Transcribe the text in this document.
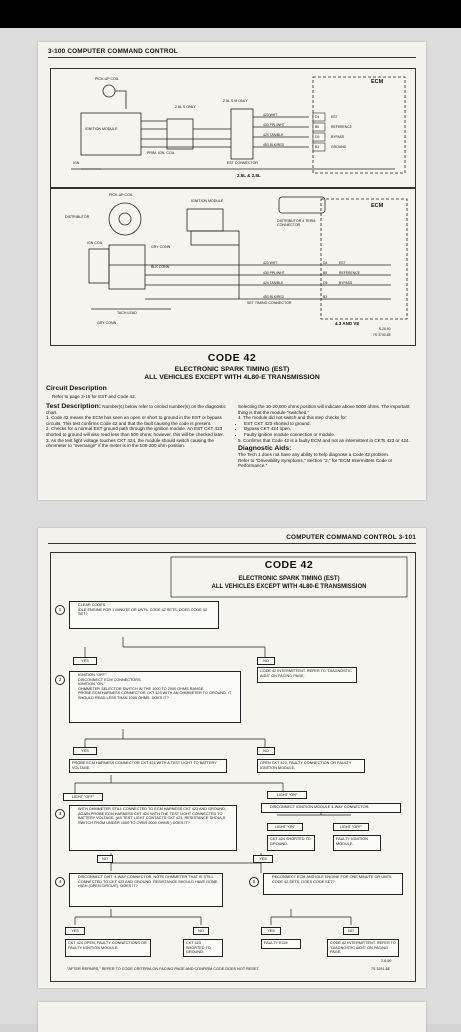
3-100 COMPUTER COMMAND CONTROL
ECM
PICK-UP COIL
IGNITION MODULE
2.5L S.M ONLY
2.8L S ONLY
PRIM. IGN. COIL
IGN	EST CONNECTOR
2.5L & 2.8L
423 WHT
430 PPL/WHT
424 TAN/BLK
453 BLK/RED
D4
B5
D5
B3
EST
REFERENCE
BYPASS
GROUND
ECM
PICK-UP COIL
DISTRIBUTOR
IGNITION MODULE
IGN COIL
GRY CONN
BLK CONN
DISTRIBUTOR 4 TERM. CONNECTOR
SET TIMING CONNECTOR
TACH LEAD
GRY CONN	4.3 AND V8
5-26-90
7S 3700-6E
423 WHT
430 PPL/WHT
424 TAN/BLK
453 BLK/RED
D4
B5
D5
B3
EST
REFERENCE
BYPASS
CODE 42
ELECTRONIC SPARK TIMING (EST)
ALL VEHICLES EXCEPT WITH 4L80-E TRANSMISSION
Circuit Description
Refer to page 3-15 for EST and Code 42.
Test Description: Number(s) below refer to circled number(s) on the diagnostic chart.
1. Code 42 means the ECM has seen an open or short to ground in the EST or bypass circuits. This test confirms Code 42 and that the fault causing the code is present.
2. Checks for a normal EST ground path through the ignition module. An EST CKT 423 shorted to ground will also read less than 500 ohms; however, this will be checked later.
3. As the test light voltage touches CKT 424, the module should switch causing the ohmmeter to "overrange" if the meter is in the 100-200 ohm position.
Selecting the 10-20,000 ohms position will indicate above 5000 ohms. The important thing is that the module "switched."
4. The module did not switch and this step checks for:
• EST CKT 423 shorted to ground.
• Bypass CKT 424 open.
• Faulty ignition module connection or module.
5. Confirms that Code 42 is a faulty ECM and not an intermittent in CKTs 423 or 424.
Diagnostic Aids:
The Tech 1 does not have any ability to help diagnose a Code 42 problem.
Refer to "Driveability Symptoms," Section "2," for "ECM Intermittent Code or Performance."
COMPUTER COMMAND CONTROL 3-101
CODE 42
ELECTRONIC SPARK TIMING (EST)
ALL VEHICLES EXCEPT WITH 4L80-E TRANSMISSION
1
• CLEAR CODES.
• IDLE ENGINE FOR 1 MINUTE OR UNTIL CODE 42 SETS. DOES CODE 42 SET?
YES	NO
CODE 42 INTERMITTENT. REFER TO "DIAGNOSTIC AIDS" ON FACING PAGE.
2
• IGNITION "OFF."
• DISCONNECT ECM CONNECTORS.
• IGNITION "ON."
• OHMMETER SELECTOR SWITCH IN THE 1000 TO 2000 OHMS RANGE.
• PROBE ECM HARNESS CONNECTOR CKT 423 WITH AN OHMMETER TO GROUND. IT SHOULD READ LESS THAN 1000 OHMS. DOES IT?
YES	NO
PROBE ECM HARNESS CONNECTOR CKT 424 WITH A TEST LIGHT TO BATTERY VOLTAGE.
OPEN CKT 423, FAULTY CONNECTION OR FAULTY IGNITION MODULE.
LIGHT "OFF"	LIGHT "ON"
3
• WITH OHMMETER STILL CONNECTED TO ECM HARNESS CKT 423 AND GROUND, AGAIN PROBE ECM HARNESS CKT 424 WITH THE TEST LIGHT CONNECTED TO BATTERY VOLTAGE. (AS TEST LIGHT CONTACTS CKT 424, RESISTANCE SHOULD SWITCH FROM UNDER 1000 TO OVER 2000 OHMS.) DOES IT?
• DISCONNECT IGNITION MODULE 4-WAY CONNECTOR.
LIGHT "ON"	LIGHT "OFF"
CKT 424 SHORTED TO GROUND.
FAULTY IGNITION MODULE.
NO	YES
4
• DISCONNECT DIST. 4-WAY CONNECTOR. NOTE OHMMETER THAT IS STILL CONNECTED TO CKT 423 AND GROUND. RESISTANCE SHOULD HAVE GONE HIGH (OPEN CIRCUIT). DOES IT?
5
• RECONNECT ECM AND IDLE ENGINE FOR ONE MINUTE OR UNTIL CODE 42 SETS. DOES CODE SET?
YES	NO	YES	NO
CKT 424 OPEN, FAULTY CONNECTIONS OR FAULTY IGNITION MODULE.
CKT 423 SHORTED TO GROUND.
FAULTY ECM	CODE 42 INTERMITTENT. REFER TO "DIAGNOSTIC AIDS" ON FACING PAGE.
2-6-90
"AFTER REPAIRS," REFER TO CODE CRITERIA ON FACING PAGE AND CONFIRM CODE DOES NOT RESET.	7S 3291-6E
